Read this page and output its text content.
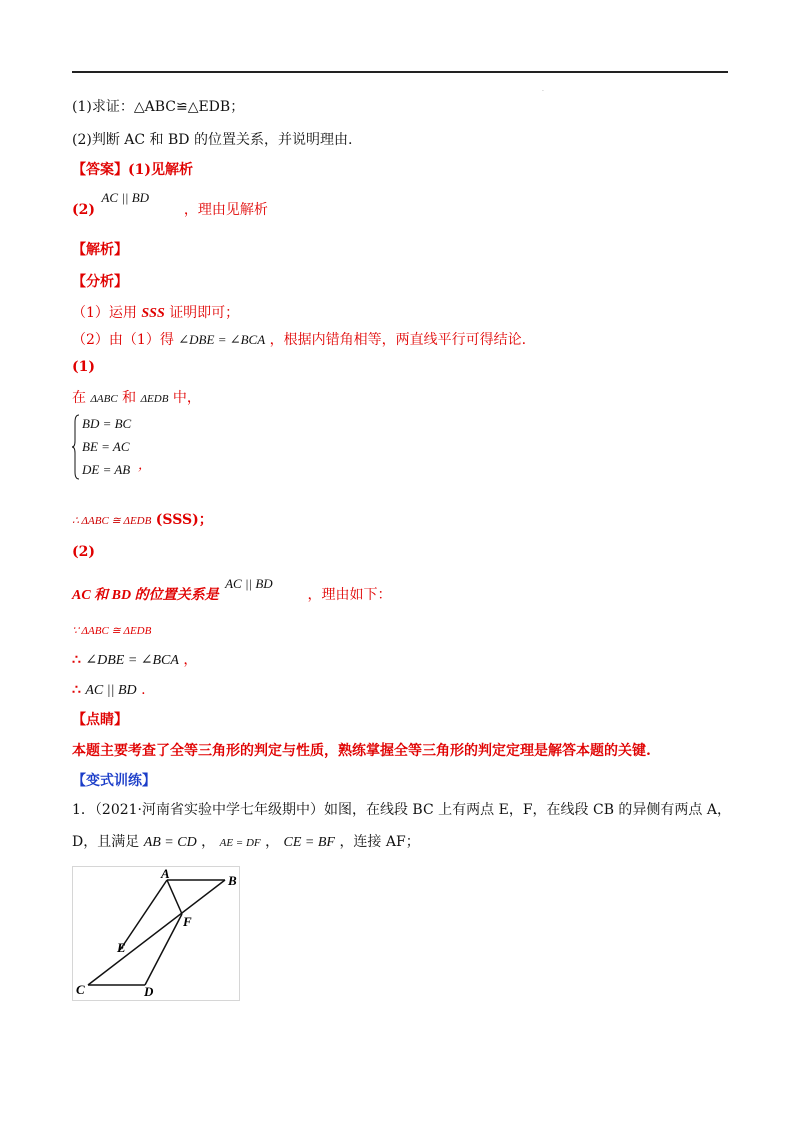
.
(1)求证：△ABC≌△EDB；
(2)判断 AC 和 BD 的位置关系，并说明理由.
【答案】(1)见解析
(2)
AC || BD
，理由见解析
【解析】
【分析】
（1）运用 SSS 证明即可；
（2）由（1）得 ∠DBE = ∠BCA ，根据内错角相等，两直线平行可得结论.
(1)
在 ΔABC 和 ΔEDB 中，
BD = BC
BE = AC
DE = AB ，
∴ ΔABC ≅ ΔEDB (SSS)；
(2)
AC 和 BD 的位置关系是
AC || BD
，理由如下：
∵ ΔABC ≅ ΔEDB
∴ ∠DBE = ∠BCA ，
∴ AC || BD .
【点睛】
本题主要考查了全等三角形的判定与性质，熟练掌握全等三角形的判定定理是解答本题的关键.
【变式训练】
1．（2021·河南省实验中学七年级期中）如图，在线段 BC 上有两点 E，F，在线段 CB 的异侧有两点 A，
D，且满足 AB = CD ， AE = DF ， CE = BF ，连接 AF；
A	B
C	D
E
F
